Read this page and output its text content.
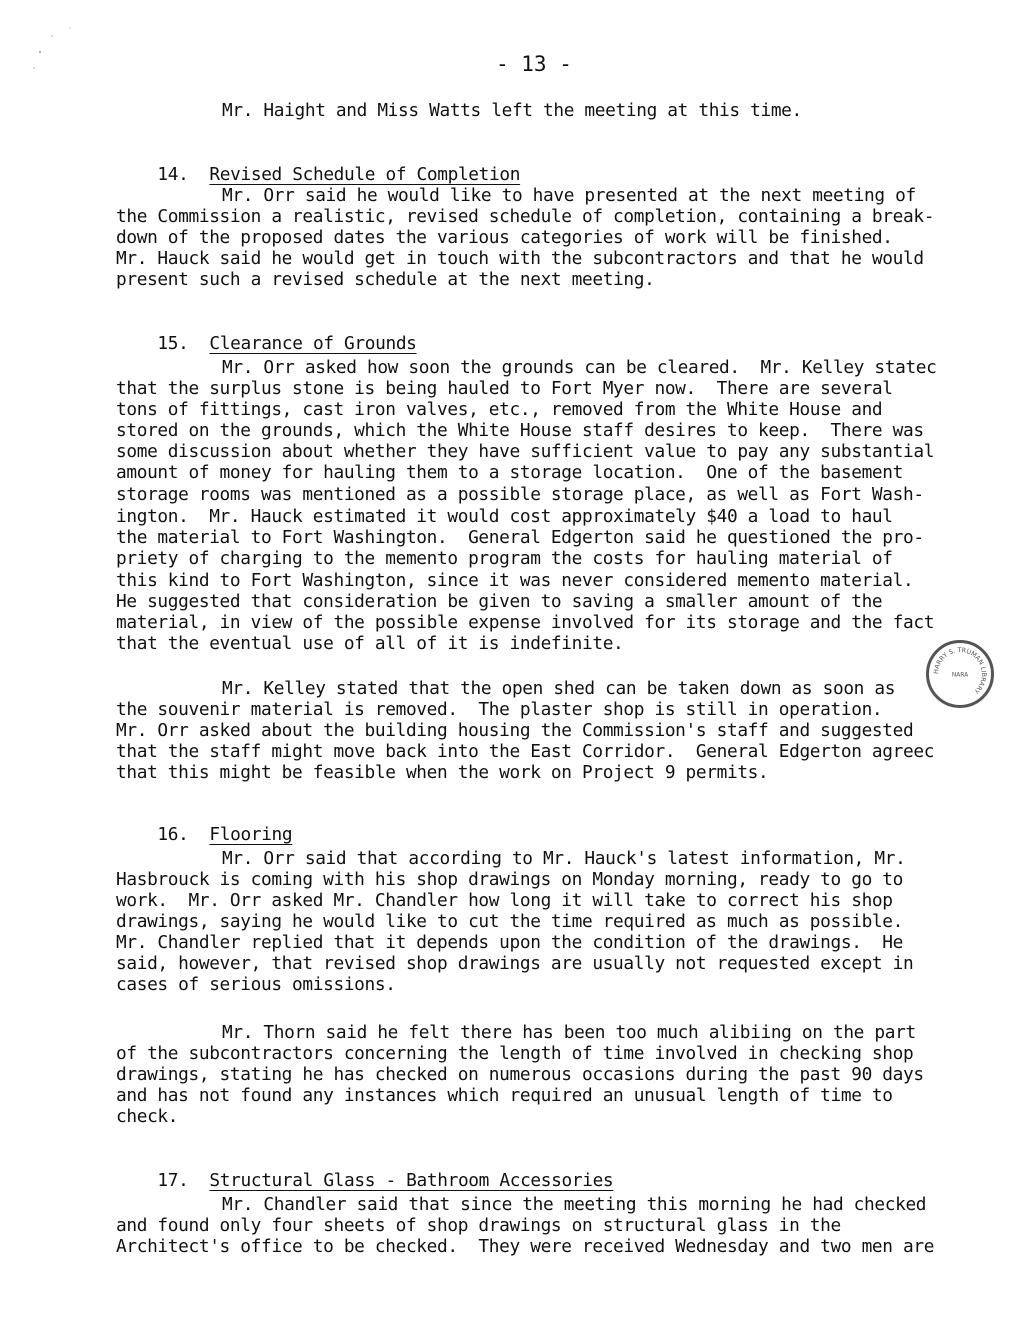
- 13 -
Mr. Haight and Miss Watts left the meeting at this time.

14. Revised Schedule of Completion

Mr. Orr said he would like to have presented at the next meeting of
the Commission a realistic, revised schedule of completion, containing a break-
down of the proposed dates the various categories of work will be finished.
Mr. Hauck said he would get in touch with the subcontractors and that he would
present such a revised schedule at the next meeting.

15. Clearance of Grounds

Mr. Orr asked how soon the grounds can be cleared.  Mr. Kelley statec
that the surplus stone is being hauled to Fort Myer now.  There are several
tons of fittings, cast iron valves, etc., removed from the White House and
stored on the grounds, which the White House staff desires to keep.  There was
some discussion about whether they have sufficient value to pay any substantial
amount of money for hauling them to a storage location.  One of the basement
storage rooms was mentioned as a possible storage place, as well as Fort Wash-
ington.  Mr. Hauck estimated it would cost approximately $40 a load to haul
the material to Fort Washington.  General Edgerton said he questioned the pro-
priety of charging to the memento program the costs for hauling material of
this kind to Fort Washington, since it was never considered memento material.
He suggested that consideration be given to saving a smaller amount of the
material, in view of the possible expense involved for its storage and the fact
that the eventual use of all of it is indefinite.
Mr. Kelley stated that the open shed can be taken down as soon as
the souvenir material is removed.  The plaster shop is still in operation.
Mr. Orr asked about the building housing the Commission's staff and suggested
that the staff might move back into the East Corridor.  General Edgerton agreec
that this might be feasible when the work on Project 9 permits.
HARRY S. TRUMAN LIBRARY
NARA

16. Flooring

Mr. Orr said that according to Mr. Hauck's latest information, Mr.
Hasbrouck is coming with his shop drawings on Monday morning, ready to go to
work.  Mr. Orr asked Mr. Chandler how long it will take to correct his shop
drawings, saying he would like to cut the time required as much as possible.
Mr. Chandler replied that it depends upon the condition of the drawings.  He
said, however, that revised shop drawings are usually not requested except in
cases of serious omissions.
Mr. Thorn said he felt there has been too much alibiing on the part
of the subcontractors concerning the length of time involved in checking shop
drawings, stating he has checked on numerous occasions during the past 90 days
and has not found any instances which required an unusual length of time to
check.

17. Structural Glass - Bathroom Accessories

Mr. Chandler said that since the meeting this morning he had checked
and found only four sheets of shop drawings on structural glass in the
Architect's office to be checked.  They were received Wednesday and two men are
